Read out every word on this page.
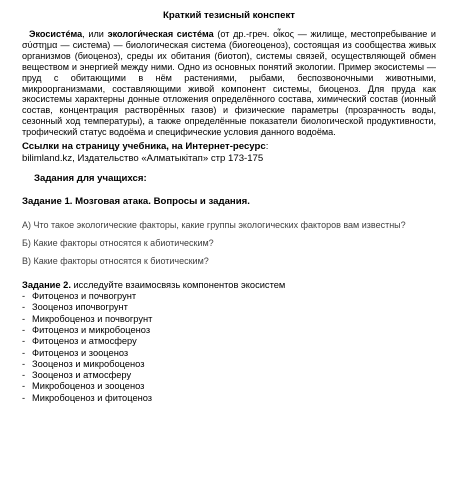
Краткий тезисный конспект
Экосистéма, или экологи́ческая систéма (от др.-греч. οἶκος — жилище, местопребывание и σύστημα — система) — биологическая система (биогеоценоз), состоящая из сообщества живых организмов (биоценоз), среды их обитания (биотоп), системы связей, осуществляющей обмен веществом и энергией между ними. Одно из основных понятий экологии. Пример экосистемы — пруд с обитающими в нём растениями, рыбами, беспозвоночными животными, микроорганизмами, составляющими живой компонент системы, биоценоз. Для пруда как экосистемы характерны донные отложения определённого состава, химический состав (ионный состав, концентрация растворённых газов) и физические параметры (прозрачность воды, сезонный ход температуры), а также определённые показатели биологической продуктивности, трофический статус водоёма и специфические условия данного водоёма.
Ссылки на страницу учебника, на Интернет-ресурс:
bilimland.kz, Издательство «Алматыкітап» стр 173-175
Задания для учащихся:
Задание 1. Мозговая атака. Вопросы и задания.
А) Что такое экологические факторы, какие группы экологических факторов вам известны?
Б) Какие факторы относятся к абиотическим?
В) Какие факторы относятся к биотическим?
Задание 2. исследуйте взаимосвязь компонентов экосистем
- Фитоценоз и почвогрунт
- Зооценоз ипочвогрунт
- Микробоценоз и почвогрунт
- Фитоценоз и микробоценоз
- Фитоценоз и атмосферу
- Фитоценоз и зооценоз
- Зооценоз и микробоценоз
- Зооценоз и атмосферу
- Микробоценоз и зооценоз
- Микробоценоз и фитоценоз
